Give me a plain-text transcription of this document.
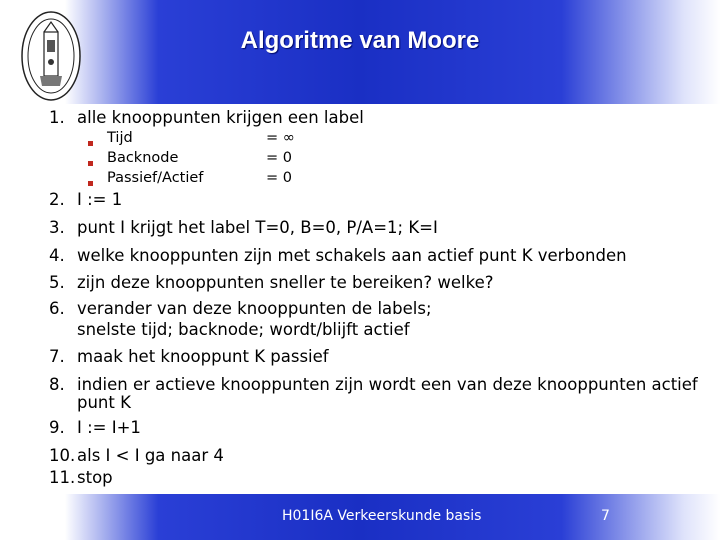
Algoritme van Moore
1. alle knooppunten krijgen een label
Tijd	= ∞
Backnode	= 0
Passief/Actief	= 0
2. I := 1
3. punt I krijgt het label T=0, B=0, P/A=1; K=I
4. welke knooppunten zijn met schakels aan actief punt K verbonden
5. zijn deze knooppunten sneller te bereiken? welke?
6. verander van deze knooppunten de labels;
snelste tijd; backnode; wordt/blijft actief
7. maak het knooppunt K passief
8. indien er actieve knooppunten zijn wordt een van deze knooppunten actief
punt K
9. I := I+1
10. als I < I ga naar 4
11. stop
H01I6A Verkeerskunde basis	7
